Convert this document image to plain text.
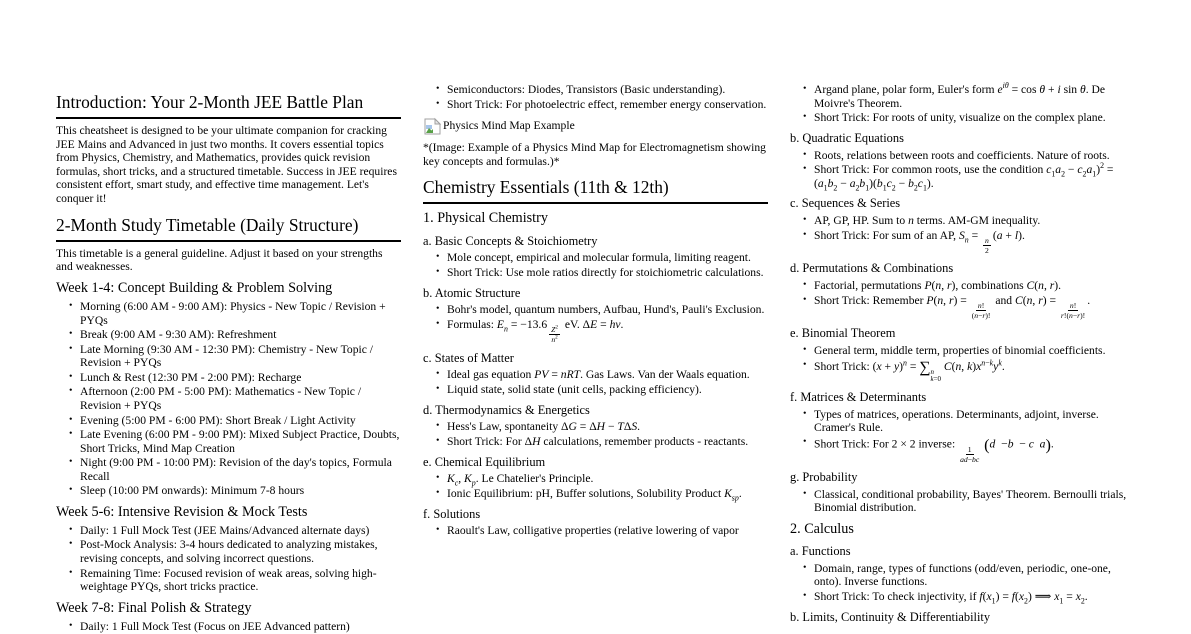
Introduction: Your 2-Month JEE Battle Plan
This cheatsheet is designed to be your ultimate companion for cracking JEE Mains and Advanced in just two months. It covers essential topics from Physics, Chemistry, and Mathematics, provides quick revision formulas, short tricks, and a structured timetable. Success in JEE requires consistent effort, smart study, and effective time management. Let's conquer it!
2-Month Study Timetable (Daily Structure)
This timetable is a general guideline. Adjust it based on your strengths and weaknesses.
Week 1-4: Concept Building & Problem Solving
• Morning (6:00 AM - 9:00 AM): Physics - New Topic / Revision + PYQs
• Break (9:00 AM - 9:30 AM): Refreshment
• Late Morning (9:30 AM - 12:30 PM): Chemistry - New Topic / Revision + PYQs
• Lunch & Rest (12:30 PM - 2:00 PM): Recharge
• Afternoon (2:00 PM - 5:00 PM): Mathematics - New Topic / Revision + PYQs
• Evening (5:00 PM - 6:00 PM): Short Break / Light Activity
• Late Evening (6:00 PM - 9:00 PM): Mixed Subject Practice, Doubts, Short Tricks, Mind Map Creation
• Night (9:00 PM - 10:00 PM): Revision of the day's topics, Formula Recall
• Sleep (10:00 PM onwards): Minimum 7-8 hours
Week 5-6: Intensive Revision & Mock Tests
• Daily: 1 Full Mock Test (JEE Mains/Advanced alternate days)
• Post-Mock Analysis: 3-4 hours dedicated to analyzing mistakes, revising concepts, and solving incorrect questions.
• Remaining Time: Focused revision of weak areas, solving high-weightage PYQs, short tricks practice.
Week 7-8: Final Polish & Strategy
• Daily: 1 Full Mock Test (Focus on JEE Advanced pattern)
• Semiconductors: Diodes, Transistors (Basic understanding).
• Short Trick: For photoelectric effect, remember energy conservation.
Physics Mind Map Example
*(Image: Example of a Physics Mind Map for Electromagnetism showing key concepts and formulas.)*
Chemistry Essentials (11th & 12th)
1. Physical Chemistry
a. Basic Concepts & Stoichiometry
• Mole concept, empirical and molecular formula, limiting reagent.
• Short Trick: Use mole ratios directly for stoichiometric calculations.
b. Atomic Structure
• Bohr's model, quantum numbers, Aufbau, Hund's, Pauli's Exclusion.
• Formulas: $E_n = -13.6$
$\frac{Z^2}{n^2}$
eV. ΔE = hν.
c. States of Matter
• Ideal gas equation PV = nRT. Gas Laws. Van der Waals equation.
• Liquid state, solid state (unit cells, packing efficiency).
d. Thermodynamics & Energetics
• Hess's Law, spontaneity ΔG = ΔH − TΔS.
• Short Trick: For ΔH calculations, remember products - reactants.
e. Chemical Equilibrium
• $K_c$, $K_p$. Le Chatelier's Principle.
• Ionic Equilibrium: pH, Buffer solutions, Solubility Product $K_{sp}$.
f. Solutions
• Raoult's Law, colligative properties (relative lowering of vapor
• Argand plane, polar form, Euler's form $e^{i\theta} = \cos \theta + i$ sin θ. De Moivre's Theorem.
• Short Trick: For roots of unity, visualize on the complex plane.
b. Quadratic Equations
• Roots, relations between roots and coefficients. Nature of roots.
• Short Trick: For common roots, use the condition $c_1a_2 - c_2a_1)^2 = (a_1b_2 - a_2b_1)(b_1c_2 - b_2c_1)$.
c. Sequences & Series
• AP, GP, HP. Sum to n terms. AM-GM inequality.
• Short Trick: For sum of an AP, $S_n$ =
$\frac{n}{2}$
(a + l).
d. Permutations & Combinations
• Factorial, permutations P(n, r), combinations C(n, r).
• Short Trick: Remember P(n, r) =
$\frac{n!}{(n-r)!}$
and C(n, r) =
$\frac{n!}{r!(n-r)!}$
.
e. Binomial Theorem
• General term, middle term, properties of binomial coefficients.
• Short Trick: $(x + y)^n$ = ∑ n
k=0
C(n, $k)x^{n-k}y^k$.
f. Matrices & Determinants
• Types of matrices, operations. Determinants, adjoint, inverse. Cramer's Rule.
• Short Trick: For 2 × 2 inverse:
$\frac{1}{ad-bc} (d -b - c$ a).
g. Probability
• Classical, conditional probability, Bayes' Theorem. Bernoulli trials, Binomial distribution.
2. Calculus
a. Functions
• Domain, range, types of functions (odd/even, periodic, one-one, onto). Inverse functions.
• Short Trick: To check injectivity, if $f(x_1) = f(x_2)$ ⟹ $x_1 = x_2$.
b. Limits, Continuity & Differentiability
